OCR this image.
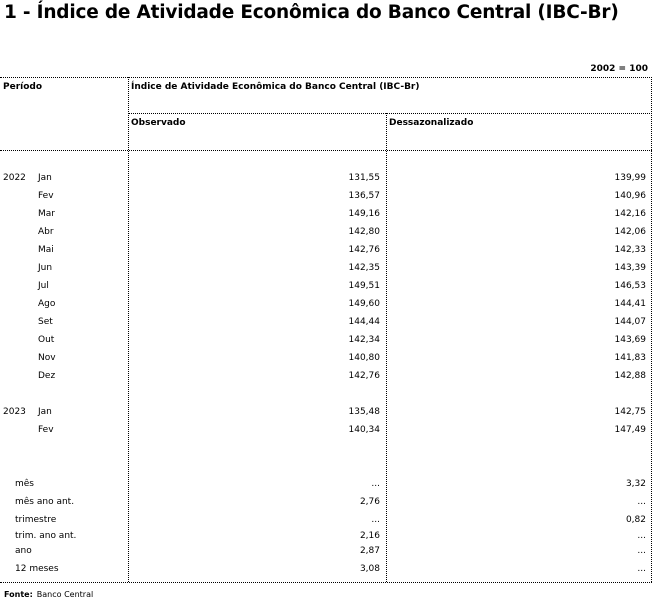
1 - Índice de Atividade Econômica do Banco Central (IBC-Br)
2002 = 100
Período	Índice de Atividade Econômica do Banco Central (IBC-Br)
Observado	Dessazonalizado
2022 Jan	131,55	139,99
Fev	136,57	140,96
Mar	149,16	142,16
Abr	142,80	142,06
Mai	142,76	142,33
Jun	142,35	143,39
Jul	149,51	146,53
Ago	149,60	144,41
Set	144,44	144,07
Out	142,34	143,69
Nov	140,80	141,83
Dez	142,76	142,88
2023 Jan	135,48	142,75
Fev	140,34	147,49
mês	...	3,32
mês ano ant.	2,76	...
trimestre	...	0,82
trim. ano ant.	2,16	...
ano	2,87	...
12 meses	3,08	...
Fonte: Banco Central
